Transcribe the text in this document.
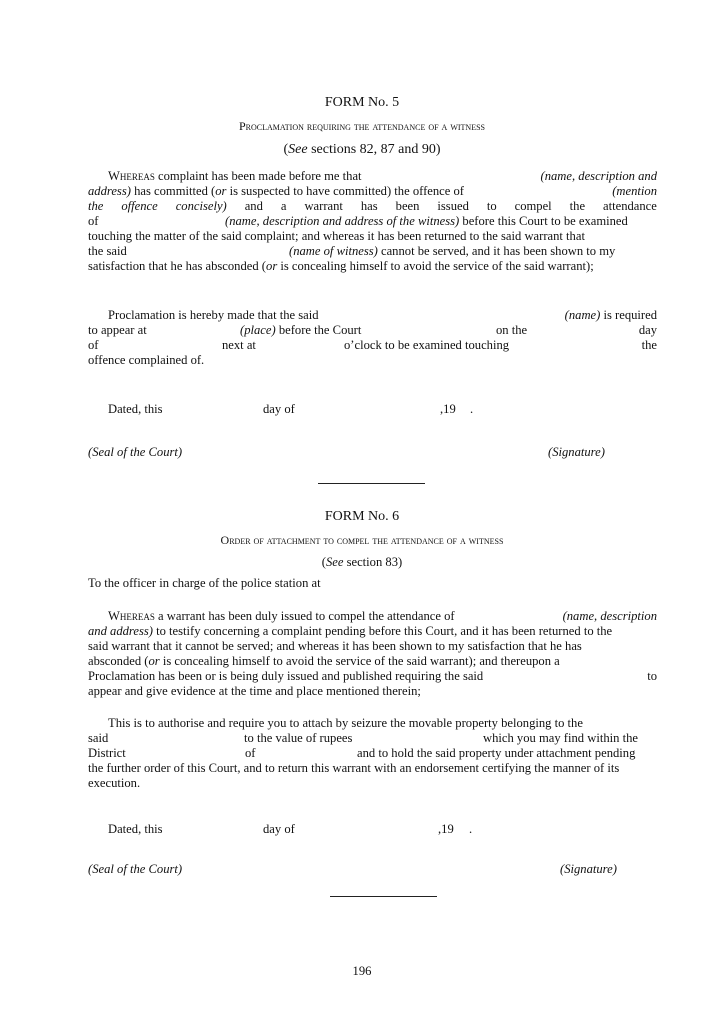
FORM No. 5
Proclamation requiring the attendance of a witness
(See sections 82, 87 and 90)
Whereas complaint has been made before me that	(name, description and
address) has committed (or is suspected to have committed) the offence of	(mention
the offence concisely) and a warrant has been issued to compel the attendance
of	(name, description and address of the witness) before this Court to be examined
touching the matter of the said complaint; and whereas it has been returned to the said warrant that
the said	(name of witness) cannot be served, and it has been shown to my
satisfaction that he has absconded (or is concealing himself to avoid the service of the said warrant);
Proclamation is hereby made that the said	(name) is required
to appear at	(place) before the Court	on the	day
of	next at	o’clock to be examined touching	the
offence complained of.
Dated, this	day of	,19 .
(Seal of the Court)	(Signature)
FORM No. 6
Order of attachment to compel the attendance of a witness
(See section 83)
To the officer in charge of the police station at
Whereas a warrant has been duly issued to compel the attendance of	(name, description
and address) to testify concerning a complaint pending before this Court, and it has been returned to the
said warrant that it cannot be served; and whereas it has been shown to my satisfaction that he has
absconded (or is concealing himself to avoid the service of the said warrant); and thereupon a
Proclamation has been or is being duly issued and published requiring the said	to
appear and give evidence at the time and place mentioned therein;
This is to authorise and require you to attach by seizure the movable property belonging to the
said	to the value of rupees	which you may find within the
District	of	and to hold the said property under attachment pending
the further order of this Court, and to return this warrant with an endorsement certifying the manner of its
execution.
Dated, this	day of	,19 .
(Seal of the Court)	(Signature)
196
